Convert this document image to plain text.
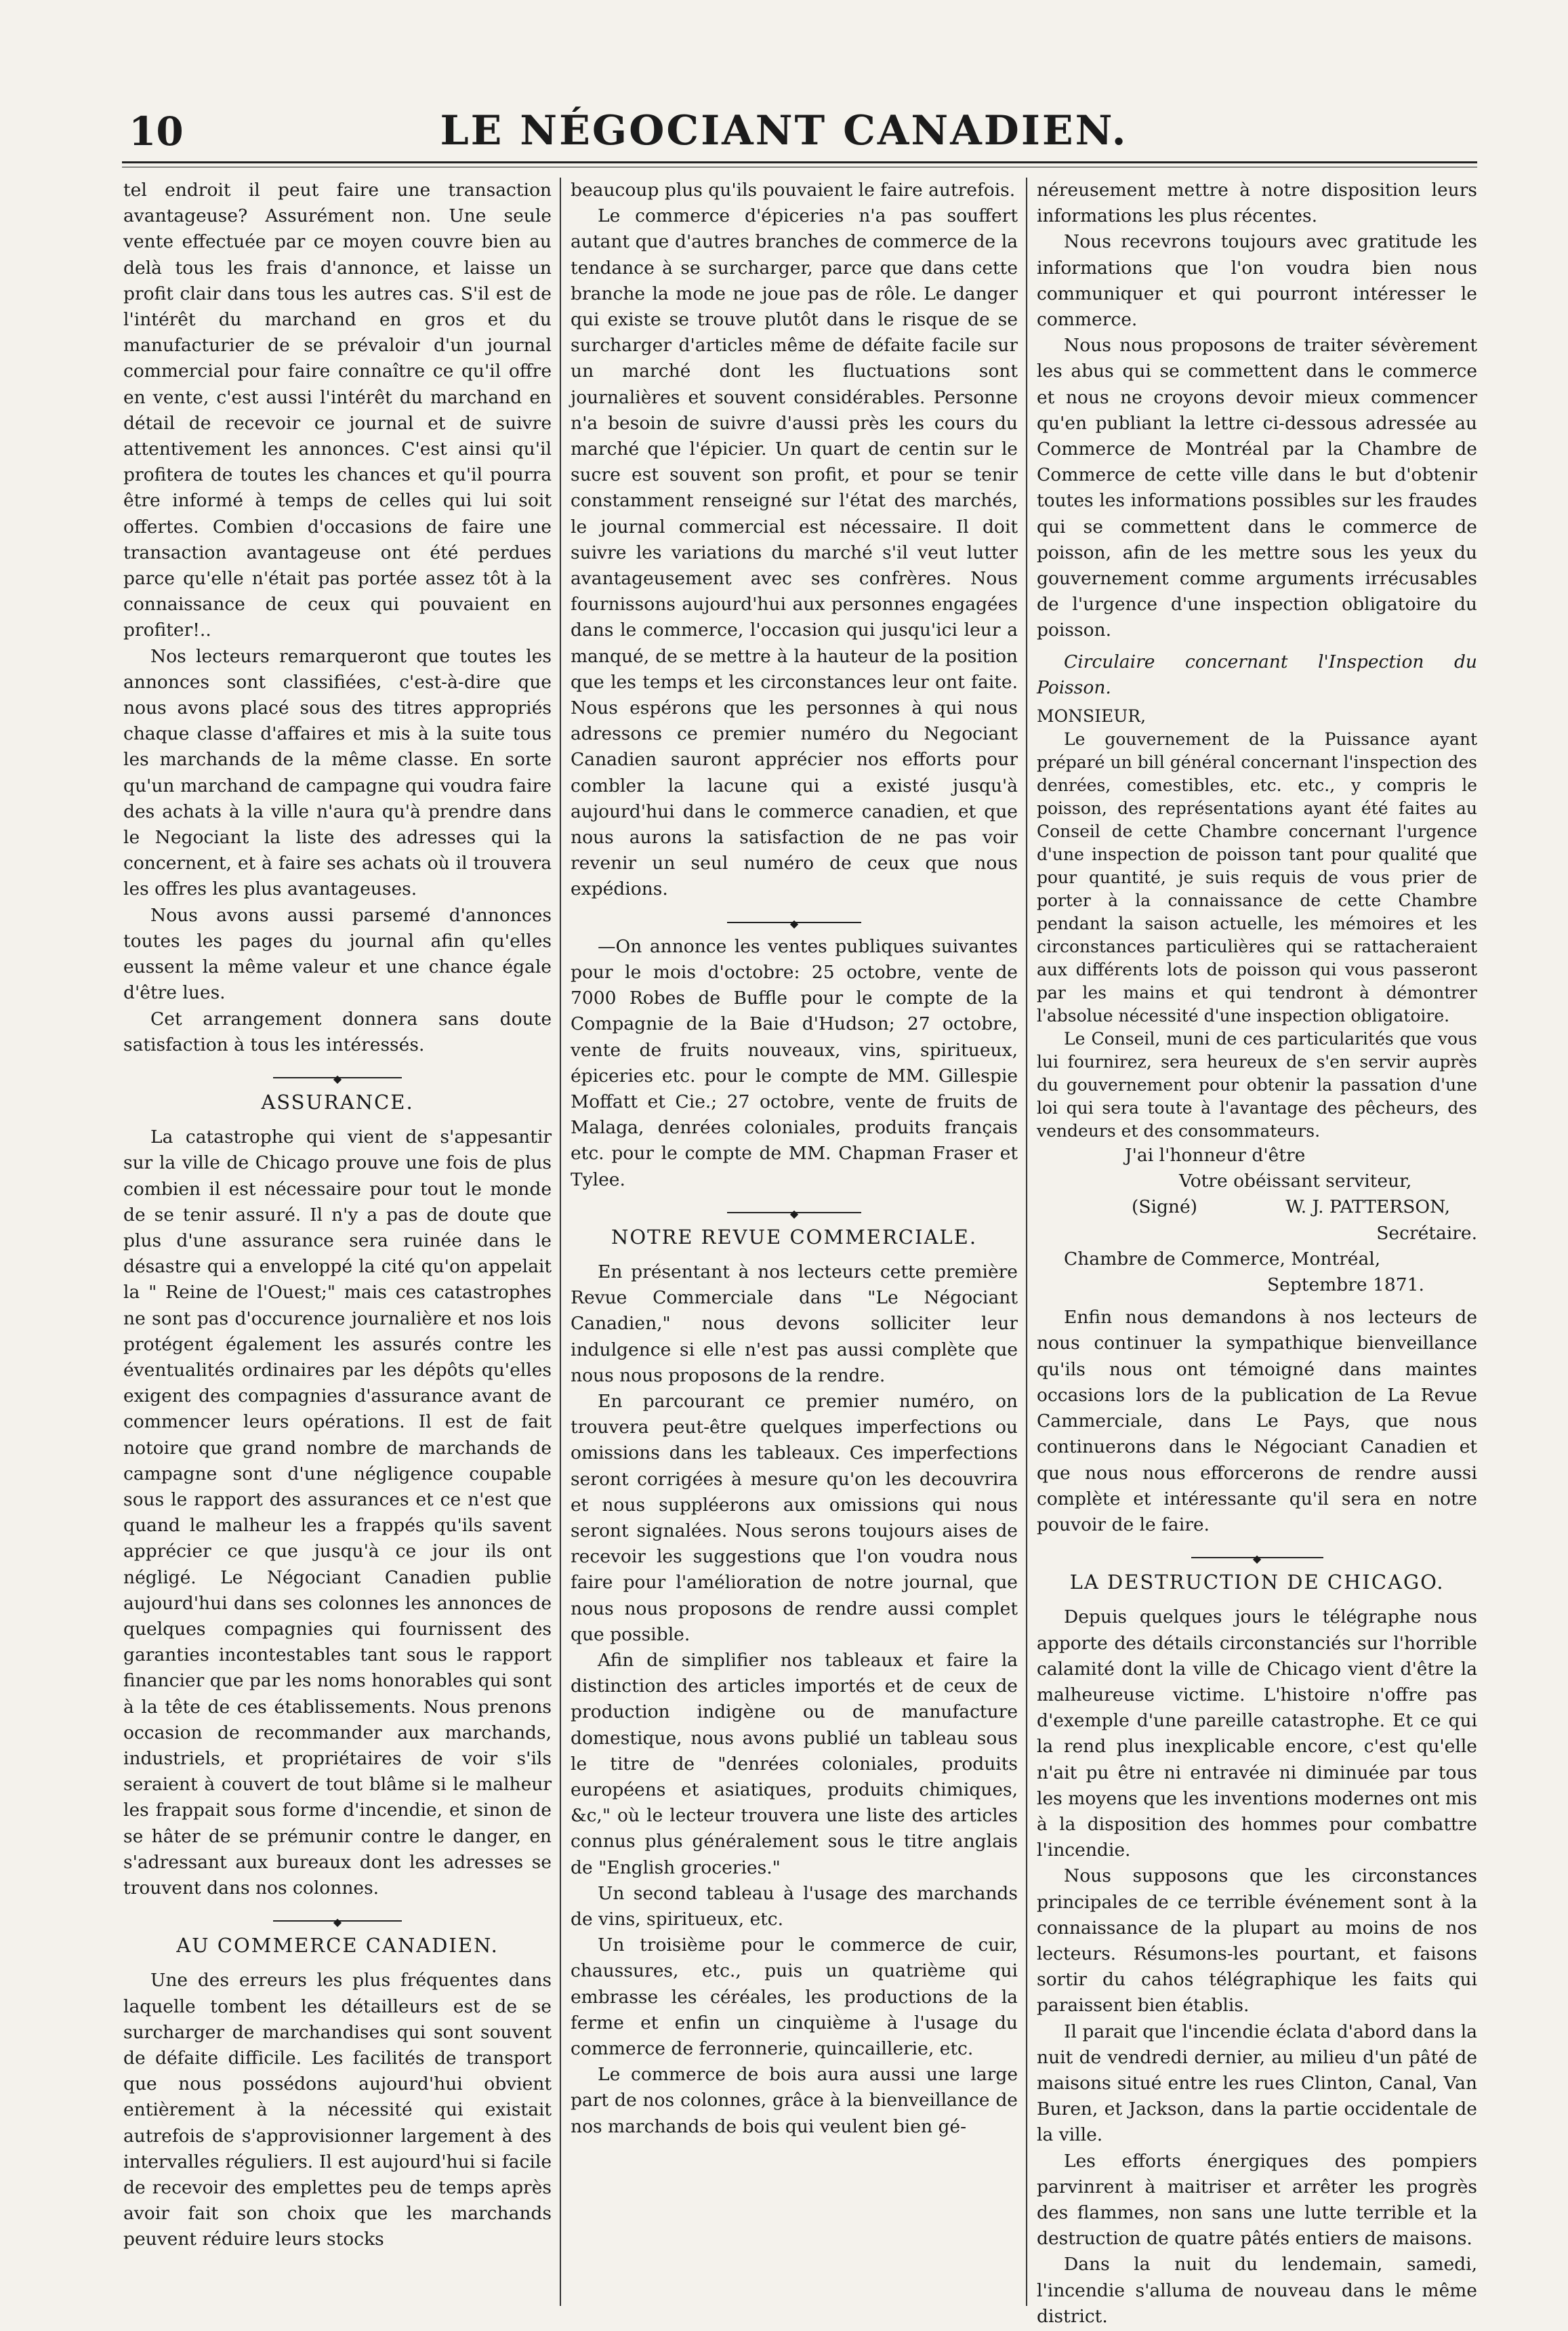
10	LE NÉGOCIANT CANADIEN.

tel endroit il peut faire une transaction avantageuse? Assurément non. Une seule vente effectuée par ce moyen couvre bien au delà tous les frais d'annonce, et laisse un profit clair dans tous les autres cas. S'il est de l'intérêt du marchand en gros et du manufacturier de se prévaloir d'un journal commercial pour faire connaître ce qu'il offre en vente, c'est aussi l'intérêt du marchand en détail de recevoir ce journal et de suivre attentivement les annonces. C'est ainsi qu'il profitera de toutes les chances et qu'il pourra être informé à temps de celles qui lui soit offertes. Combien d'occasions de faire une transaction avantageuse ont été perdues parce qu'elle n'était pas portée assez tôt à la connaissance de ceux qui pouvaient en profiter!..

Nos lecteurs remarqueront que toutes les annonces sont classifiées, c'est-à-dire que nous avons placé sous des titres appropriés chaque classe d'affaires et mis à la suite tous les marchands de la même classe. En sorte qu'un marchand de campagne qui voudra faire des achats à la ville n'aura qu'à prendre dans le Negociant la liste des adresses qui la concernent, et à faire ses achats où il trouvera les offres les plus avantageuses.

Nous avons aussi parsemé d'annonces toutes les pages du journal afin qu'elles eussent la même valeur et une chance égale d'être lues.

Cet arrangement donnera sans doute satisfaction à tous les intéressés.

◆
ASSURANCE.

La catastrophe qui vient de s'appesantir sur la ville de Chicago prouve une fois de plus combien il est nécessaire pour tout le monde de se tenir assuré. Il n'y a pas de doute que plus d'une assurance sera ruinée dans le désastre qui a enveloppé la cité qu'on appelait la " Reine de l'Ouest;" mais ces catastrophes ne sont pas d'occurence journalière et nos lois protégent également les assurés contre les éventualités ordinaires par les dépôts qu'elles exigent des compagnies d'assurance avant de commencer leurs opérations. Il est de fait notoire que grand nombre de marchands de campagne sont d'une négligence coupable sous le rapport des assurances et ce n'est que quand le malheur les a frappés qu'ils savent apprécier ce que jusqu'à ce jour ils ont négligé. Le Négociant Canadien publie aujourd'hui dans ses colonnes les annonces de quelques compagnies qui fournissent des garanties incontestables tant sous le rapport financier que par les noms honorables qui sont à la tête de ces établissements. Nous prenons occasion de recommander aux marchands, industriels, et propriétaires de voir s'ils seraient à couvert de tout blâme si le malheur les frappait sous forme d'incendie, et sinon de se hâter de se prémunir contre le danger, en s'adressant aux bureaux dont les adresses se trouvent dans nos colonnes.

◆
AU COMMERCE CANADIEN.

Une des erreurs les plus fréquentes dans laquelle tombent les détailleurs est de se surcharger de marchandises qui sont souvent de défaite difficile. Les facilités de transport que nous possédons aujourd'hui obvient entièrement à la nécessité qui existait autrefois de s'approvisionner largement à des intervalles réguliers. Il est aujourd'hui si facile de recevoir des emplettes peu de temps après avoir fait son choix que les marchands peuvent réduire leurs stocks

beaucoup plus qu'ils pouvaient le faire autrefois.

Le commerce d'épiceries n'a pas souffert autant que d'autres branches de commerce de la tendance à se surcharger, parce que dans cette branche la mode ne joue pas de rôle. Le danger qui existe se trouve plutôt dans le risque de se surcharger d'articles même de défaite facile sur un marché dont les fluctuations sont journalières et souvent considérables. Personne n'a besoin de suivre d'aussi près les cours du marché que l'épicier. Un quart de centin sur le sucre est souvent son profit, et pour se tenir constamment renseigné sur l'état des marchés, le journal commercial est nécessaire. Il doit suivre les variations du marché s'il veut lutter avantageusement avec ses confrères. Nous fournissons aujourd'hui aux personnes engagées dans le commerce, l'occasion qui jusqu'ici leur a manqué, de se mettre à la hauteur de la position que les temps et les circonstances leur ont faite. Nous espérons que les personnes à qui nous adressons ce premier numéro du Negociant Canadien sauront apprécier nos efforts pour combler la lacune qui a existé jusqu'à aujourd'hui dans le commerce canadien, et que nous aurons la satisfaction de ne pas voir revenir un seul numéro de ceux que nous expédions.

◆

—On annonce les ventes publiques suivantes pour le mois d'octobre: 25 octobre, vente de 7000 Robes de Buffle pour le compte de la Compagnie de la Baie d'Hudson; 27 octobre, vente de fruits nouveaux, vins, spiritueux, épiceries etc. pour le compte de MM. Gillespie Moffatt et Cie.; 27 octobre, vente de fruits de Malaga, denrées coloniales, produits français etc. pour le compte de MM. Chapman Fraser et Tylee.

◆
NOTRE REVUE COMMERCIALE.

En présentant à nos lecteurs cette première Revue Commerciale dans "Le Négociant Canadien," nous devons solliciter leur indulgence si elle n'est pas aussi complète que nous nous proposons de la rendre.

En parcourant ce premier numéro, on trouvera peut-être quelques imperfections ou omissions dans les tableaux. Ces imperfections seront corrigées à mesure qu'on les decouvrira et nous suppléerons aux omissions qui nous seront signalées. Nous serons toujours aises de recevoir les suggestions que l'on voudra nous faire pour l'amélioration de notre journal, que nous nous proposons de rendre aussi complet que possible.

Afin de simplifier nos tableaux et faire la distinction des articles importés et de ceux de production indigène ou de manufacture domestique, nous avons publié un tableau sous le titre de "denrées coloniales, produits européens et asiatiques, produits chimiques, &c," où le lecteur trouvera une liste des articles connus plus généralement sous le titre anglais de "English groceries."

Un second tableau à l'usage des marchands de vins, spiritueux, etc.

Un troisième pour le commerce de cuir, chaussures, etc., puis un quatrième qui embrasse les céréales, les productions de la ferme et enfin un cinquième à l'usage du commerce de ferronnerie, quincaillerie, etc.

Le commerce de bois aura aussi une large part de nos colonnes, grâce à la bienveillance de nos marchands de bois qui veulent bien gé-

néreusement mettre à notre disposition leurs informations les plus récentes.

Nous recevrons toujours avec gratitude les informations que l'on voudra bien nous communiquer et qui pourront intéresser le commerce.

Nous nous proposons de traiter sévèrement les abus qui se commettent dans le commerce et nous ne croyons devoir mieux commencer qu'en publiant la lettre ci-dessous adressée au Commerce de Montréal par la Chambre de Commerce de cette ville dans le but d'obtenir toutes les informations possibles sur les fraudes qui se commettent dans le commerce de poisson, afin de les mettre sous les yeux du gouvernement comme arguments irrécusables de l'urgence d'une inspection obligatoire du poisson.

Circulaire concernant l'Inspection du Poisson.

MONSIEUR,

Le gouvernement de la Puissance ayant préparé un bill général concernant l'inspection des denrées, comestibles, etc. etc., y compris le poisson, des représentations ayant été faites au Conseil de cette Chambre concernant l'urgence d'une inspection de poisson tant pour qualité que pour quantité, je suis requis de vous prier de porter à la connaissance de cette Chambre pendant la saison actuelle, les mémoires et les circonstances particulières qui se rattacheraient aux différents lots de poisson qui vous passeront par les mains et qui tendront à démontrer l'absolue nécessité d'une inspection obligatoire.

Le Conseil, muni de ces particularités que vous lui fournirez, sera heureux de s'en servir auprès du gouvernement pour obtenir la passation d'une loi qui sera toute à l'avantage des pêcheurs, des vendeurs et des consommateurs.

J'ai l'honneur d'être

Votre obéissant serviteur,

(Signé)	W. J. PATTERSON,

Secrétaire.

Chambre de Commerce, Montréal,

Septembre 1871.

Enfin nous demandons à nos lecteurs de nous continuer la sympathique bienveillance qu'ils nous ont témoigné dans maintes occasions lors de la publication de La Revue Cammerciale, dans Le Pays, que nous continuerons dans le Négociant Canadien et que nous nous efforcerons de rendre aussi complète et intéressante qu'il sera en notre pouvoir de le faire.

◆
LA DESTRUCTION DE CHICAGO.

Depuis quelques jours le télégraphe nous apporte des détails circonstanciés sur l'horrible calamité dont la ville de Chicago vient d'être la malheureuse victime. L'histoire n'offre pas d'exemple d'une pareille catastrophe. Et ce qui la rend plus inexplicable encore, c'est qu'elle n'ait pu être ni entravée ni diminuée par tous les moyens que les inventions modernes ont mis à la disposition des hommes pour combattre l'incendie.

Nous supposons que les circonstances principales de ce terrible événement sont à la connaissance de la plupart au moins de nos lecteurs. Résumons-les pourtant, et faisons sortir du cahos télégraphique les faits qui paraissent bien établis.

Il parait que l'incendie éclata d'abord dans la nuit de vendredi dernier, au milieu d'un pâté de maisons situé entre les rues Clinton, Canal, Van Buren, et Jackson, dans la partie occidentale de la ville.

Les efforts énergiques des pompiers parvinrent à maitriser et arrêter les progrès des flammes, non sans une lutte terrible et la destruction de quatre pâtés entiers de maisons.

Dans la nuit du lendemain, samedi, l'incendie s'alluma de nouveau dans le même district.
